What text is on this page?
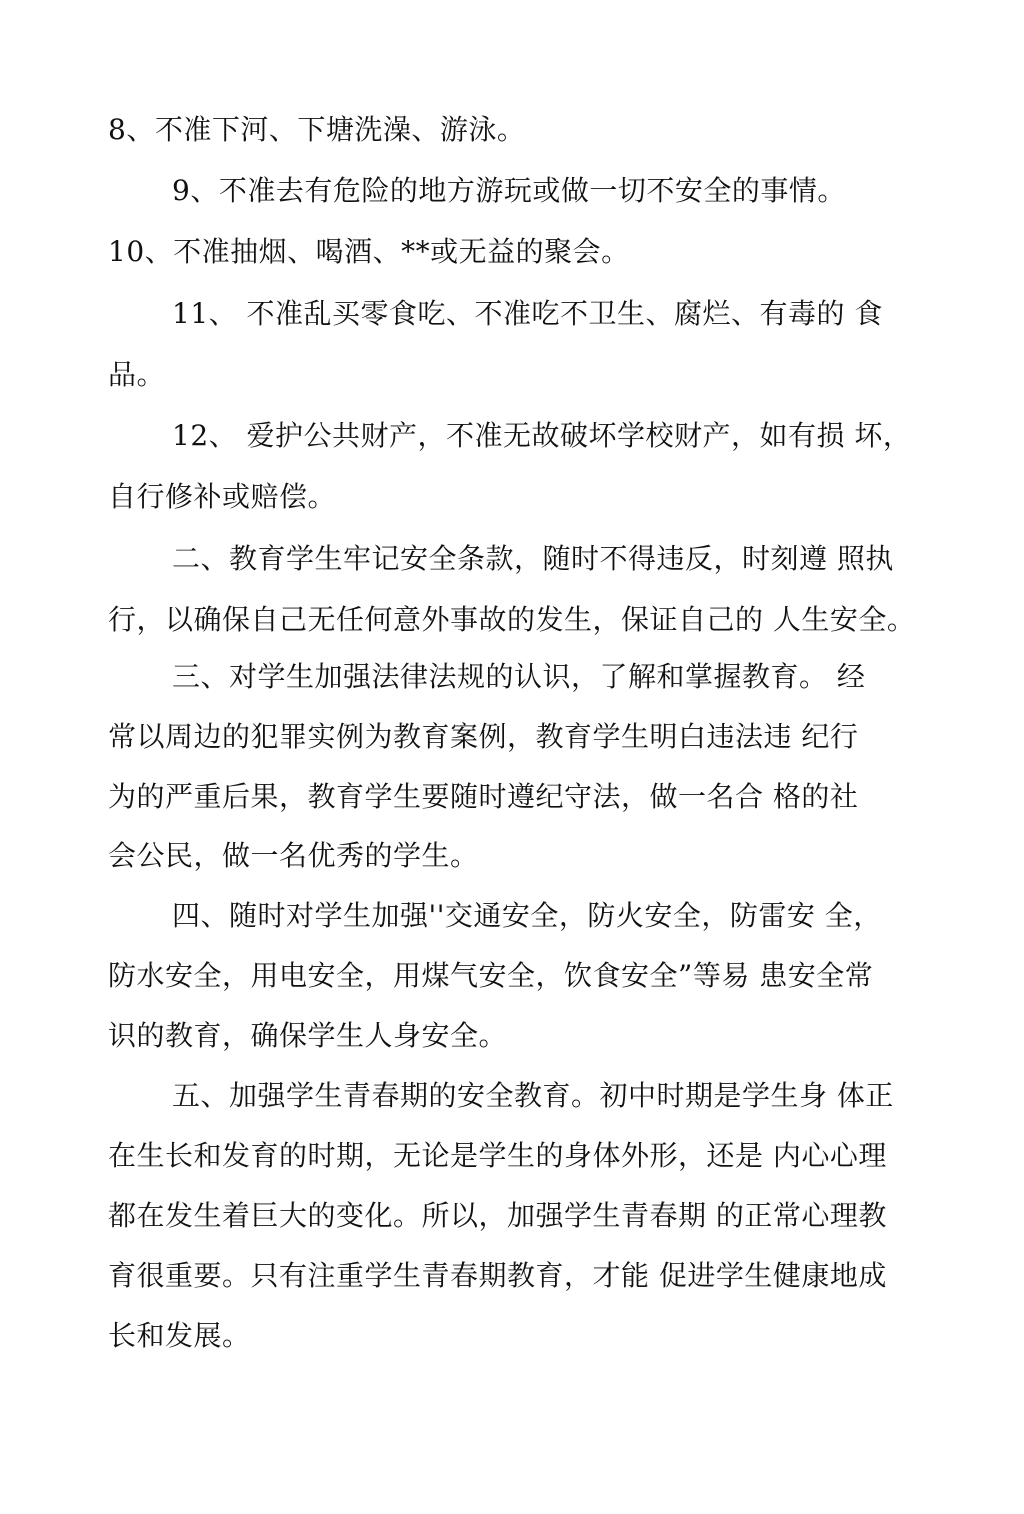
8、不准下河、下塘洗澡、游泳。
9、不准去有危险的地方游玩或做一切不安全的事情。
10、不准抽烟、喝酒、**或无益的聚会。
11、 不准乱买零食吃、不准吃不卫生、腐烂、有毒的 食
品。
12、 爱护公共财产，不准无故破坏学校财产，如有损 坏，
自行修补或赔偿。
二、教育学生牢记安全条款，随时不得违反，时刻遵 照执
行，以确保自己无任何意外事故的发生，保证自己的 人生安全。
三、对学生加强法律法规的认识，了解和掌握教育。 经
常以周边的犯罪实例为教育案例，教育学生明白违法违 纪行
为的严重后果，教育学生要随时遵纪守法，做一名合 格的社
会公民，做一名优秀的学生。
四、随时对学生加强''交通安全，防火安全，防雷安 全，
防水安全，用电安全，用煤气安全，饮食安全”等易 患安全常
识的教育，确保学生人身安全。
五、加强学生青春期的安全教育。初中时期是学生身 体正
在生长和发育的时期，无论是学生的身体外形，还是 内心心理
都在发生着巨大的变化。所以，加强学生青春期 的正常心理教
育很重要。只有注重学生青春期教育，才能 促进学生健康地成
长和发展。
